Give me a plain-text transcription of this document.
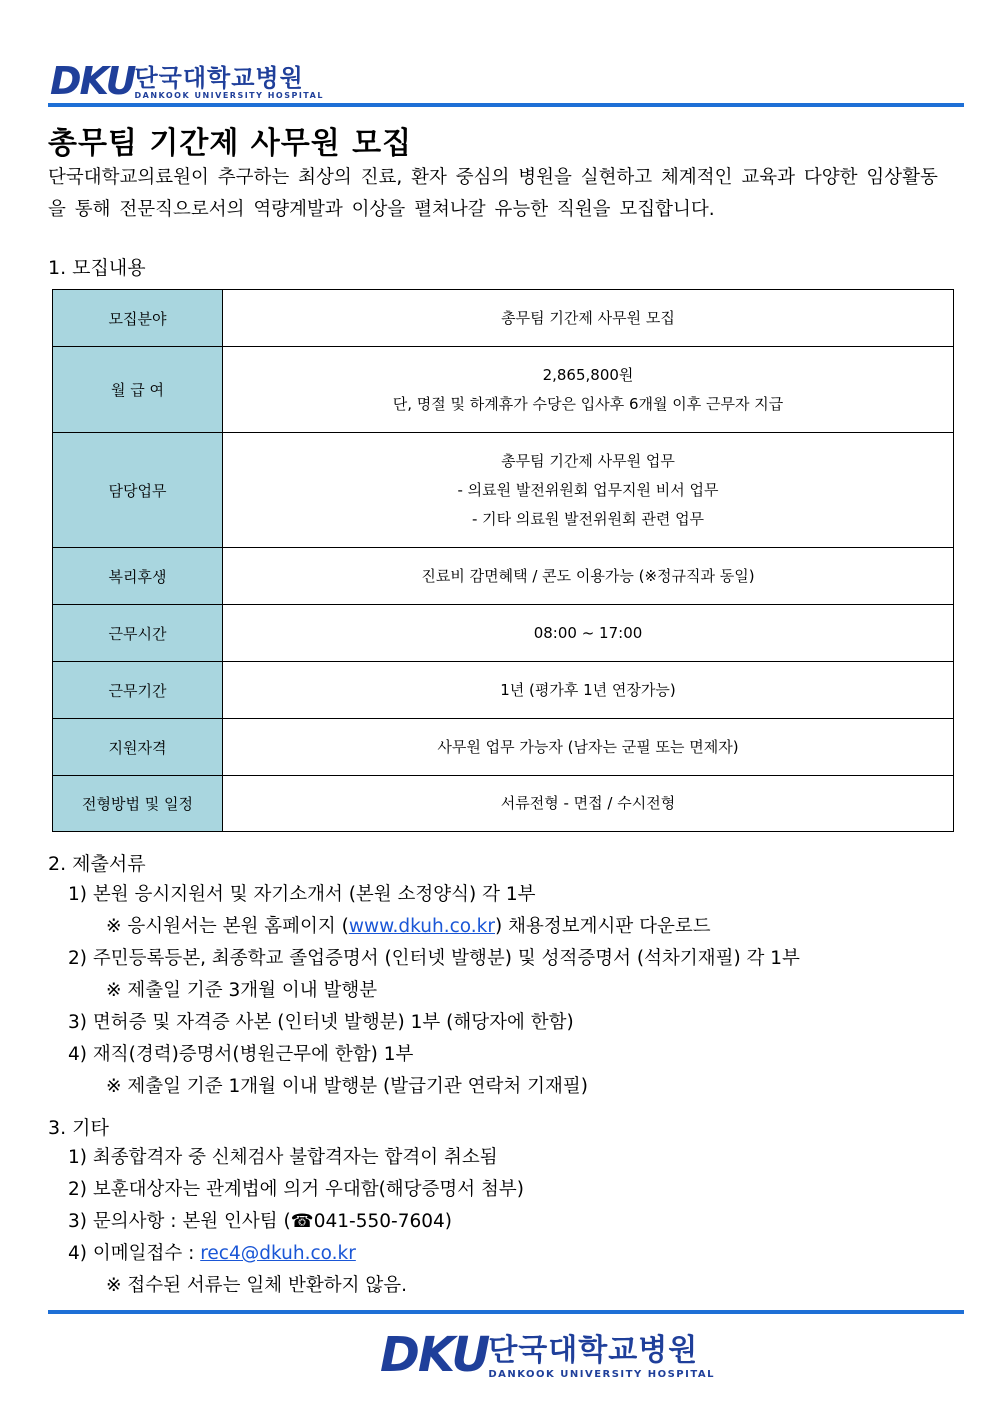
DKU 단국대학교병원
DANKOOK UNIVERSITY HOSPITAL
총무팀 기간제 사무원 모집

단국대학교의료원이 추구하는 최상의 진료, 환자 중심의 병원을 실현하고 체계적인 교육과 다양한 임상활동을 통해 전문직으로서의 역량계발과 이상을 펼쳐나갈 유능한 직원을 모집합니다.

1. 모집내용
모집분야	총무팀 기간제 사무원 모집

월 급 여	2,865,800원
단, 명절 및 하계휴가 수당은 입사후 6개월 이후 근무자 지급

담당업무	총무팀 기간제 사무원 업무
- 의료원 발전위원회 업무지원 비서 업무
- 기타 의료원 발전위원회 관련 업무

복리후생	진료비 감면혜택 / 콘도 이용가능 (※정규직과 동일)

근무시간	08:00 ~ 17:00

근무기간	1년 (평가후 1년 연장가능)

지원자격	사무원 업무 가능자 (남자는 군필 또는 면제자)

전형방법 및 일정	서류전형 - 면접 / 수시전형
2. 제출서류
1) 본원 응시지원서 및 자기소개서 (본원 소정양식) 각 1부
※ 응시원서는 본원 홈페이지 (www.dkuh.co.kr) 채용정보게시판 다운로드
2) 주민등록등본, 최종학교 졸업증명서 (인터넷 발행분) 및 성적증명서 (석차기재필) 각 1부
※ 제출일 기준 3개월 이내 발행분
3) 면허증 및 자격증 사본 (인터넷 발행분) 1부 (해당자에 한함)
4) 재직(경력)증명서(병원근무에 한함) 1부
※ 제출일 기준 1개월 이내 발행분 (발급기관 연락처 기재필)
3. 기타
1) 최종합격자 중 신체검사 불합격자는 합격이 취소됨
2) 보훈대상자는 관계법에 의거 우대함(해당증명서 첨부)
3) 문의사항 : 본원 인사팀 (☎041-550-7604)
4) 이메일접수 : rec4@dkuh.co.kr
※ 접수된 서류는 일체 반환하지 않음.
DKU 단국대학교병원
DANKOOK UNIVERSITY HOSPITAL
